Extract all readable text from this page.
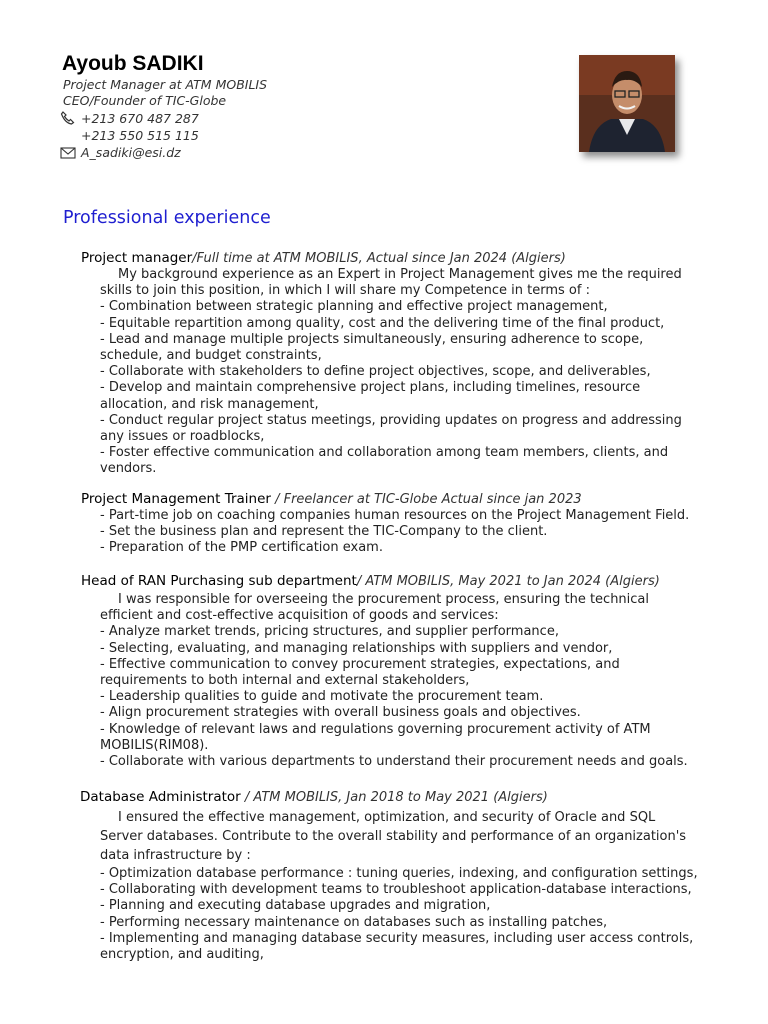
Ayoub SADIKI
Project Manager at ATM MOBILIS
CEO/Founder of TIC-Globe
+213 670 487 287
+213 550 515 115
A_sadiki@esi.dz
Professional experience
Project manager/Full time at ATM MOBILIS, Actual since Jan 2024 (Algiers)
My background experience as an Expert in Project Management gives me the required
skills to join this position, in which I will share my Competence in terms of :
- Combination between strategic planning and effective project management,
- Equitable repartition among quality, cost and the delivering time of the final product,
- Lead and manage multiple projects simultaneously, ensuring adherence to scope,
schedule, and budget constraints,
- Collaborate with stakeholders to define project objectives, scope, and deliverables,
- Develop and maintain comprehensive project plans, including timelines, resource
allocation, and risk management,
- Conduct regular project status meetings, providing updates on progress and addressing
any issues or roadblocks,
- Foster effective communication and collaboration among team members, clients, and
vendors.
Project Management Trainer / Freelancer at TIC-Globe Actual since jan 2023
- Part-time job on coaching companies human resources on the Project Management Field.
- Set the business plan and represent the TIC-Company to the client.
- Preparation of the PMP certification exam.
Head of RAN Purchasing sub department/ ATM MOBILIS, May 2021 to Jan 2024 (Algiers)
I was responsible for overseeing the procurement process, ensuring the technical
efficient and cost-effective acquisition of goods and services:
- Analyze market trends, pricing structures, and supplier performance,
- Selecting, evaluating, and managing relationships with suppliers and vendor,
- Effective communication to convey procurement strategies, expectations, and
requirements to both internal and external stakeholders,
- Leadership qualities to guide and motivate the procurement team.
- Align procurement strategies with overall business goals and objectives.
- Knowledge of relevant laws and regulations governing procurement activity of ATM
MOBILIS(RIM08).
- Collaborate with various departments to understand their procurement needs and goals.
Database Administrator / ATM MOBILIS, Jan 2018 to May 2021 (Algiers)
I ensured the effective management, optimization, and security of Oracle and SQL
Server databases. Contribute to the overall stability and performance of an organization's
data infrastructure by :
- Optimization database performance : tuning queries, indexing, and configuration settings,
- Collaborating with development teams to troubleshoot application-database interactions,
- Planning and executing database upgrades and migration,
- Performing necessary maintenance on databases such as installing patches,
- Implementing and managing database security measures, including user access controls,
encryption, and auditing,
